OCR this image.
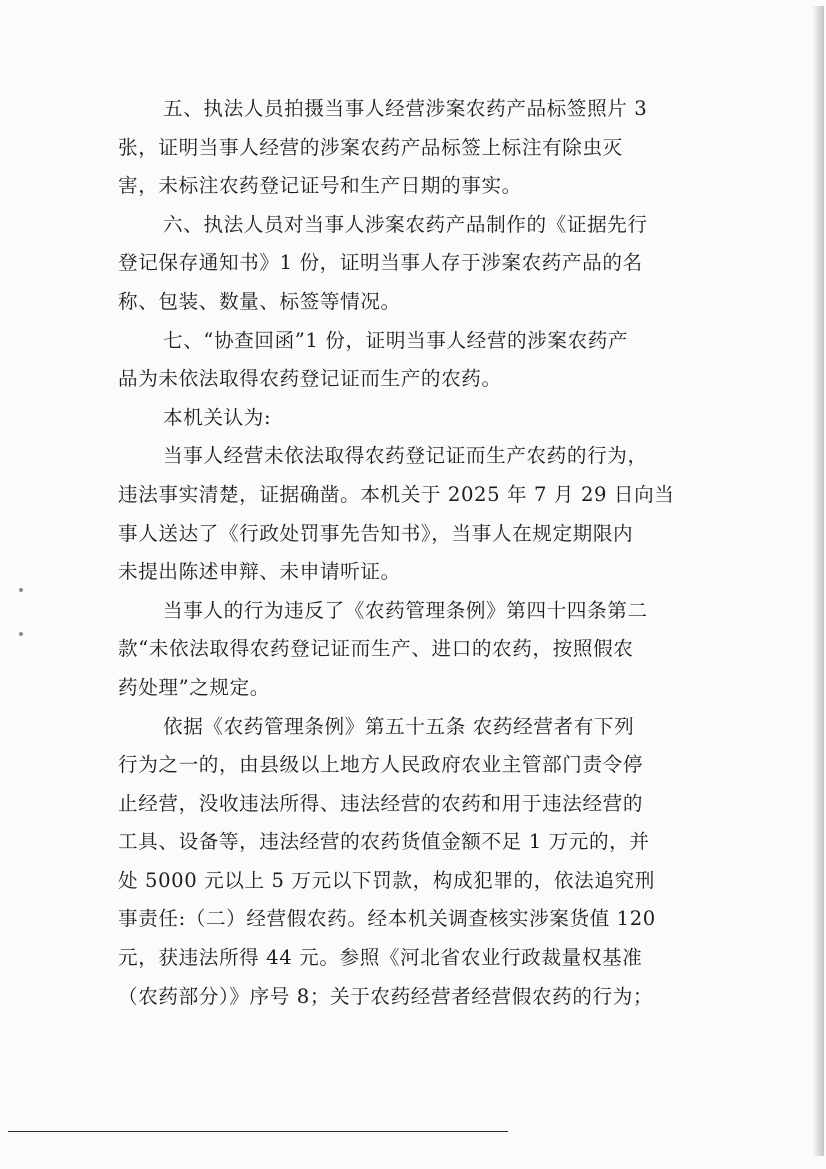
五、执法人员拍摄当事人经营涉案农药产品标签照片 3
张，证明当事人经营的涉案农药产品标签上标注有除虫灭
害，未标注农药登记证号和生产日期的事实。
六、执法人员对当事人涉案农药产品制作的《证据先行
登记保存通知书》1 份，证明当事人存于涉案农药产品的名
称、包装、数量、标签等情况。
七、“协查回函”1 份，证明当事人经营的涉案农药产
品为未依法取得农药登记证而生产的农药。
本机关认为:
当事人经营未依法取得农药登记证而生产农药的行为，
违法事实清楚，证据确凿。本机关于 2025 年 7 月 29 日向当
事人送达了《行政处罚事先告知书》，当事人在规定期限内
未提出陈述申辩、未申请听证。
当事人的行为违反了《农药管理条例》第四十四条第二
款“未依法取得农药登记证而生产、进口的农药，按照假农
药处理”之规定。
依据《农药管理条例》第五十五条 农药经营者有下列
行为之一的，由县级以上地方人民政府农业主管部门责令停
止经营，没收违法所得、违法经营的农药和用于违法经营的
工具、设备等，违法经营的农药货值金额不足 1 万元的，并
处 5000 元以上 5 万元以下罚款，构成犯罪的，依法追究刑
事责任:（二）经营假农药。经本机关调查核实涉案货值 120
元，获违法所得 44 元。参照《河北省农业行政裁量权基准
（农药部分）》序号 8；关于农药经营者经营假农药的行为；
